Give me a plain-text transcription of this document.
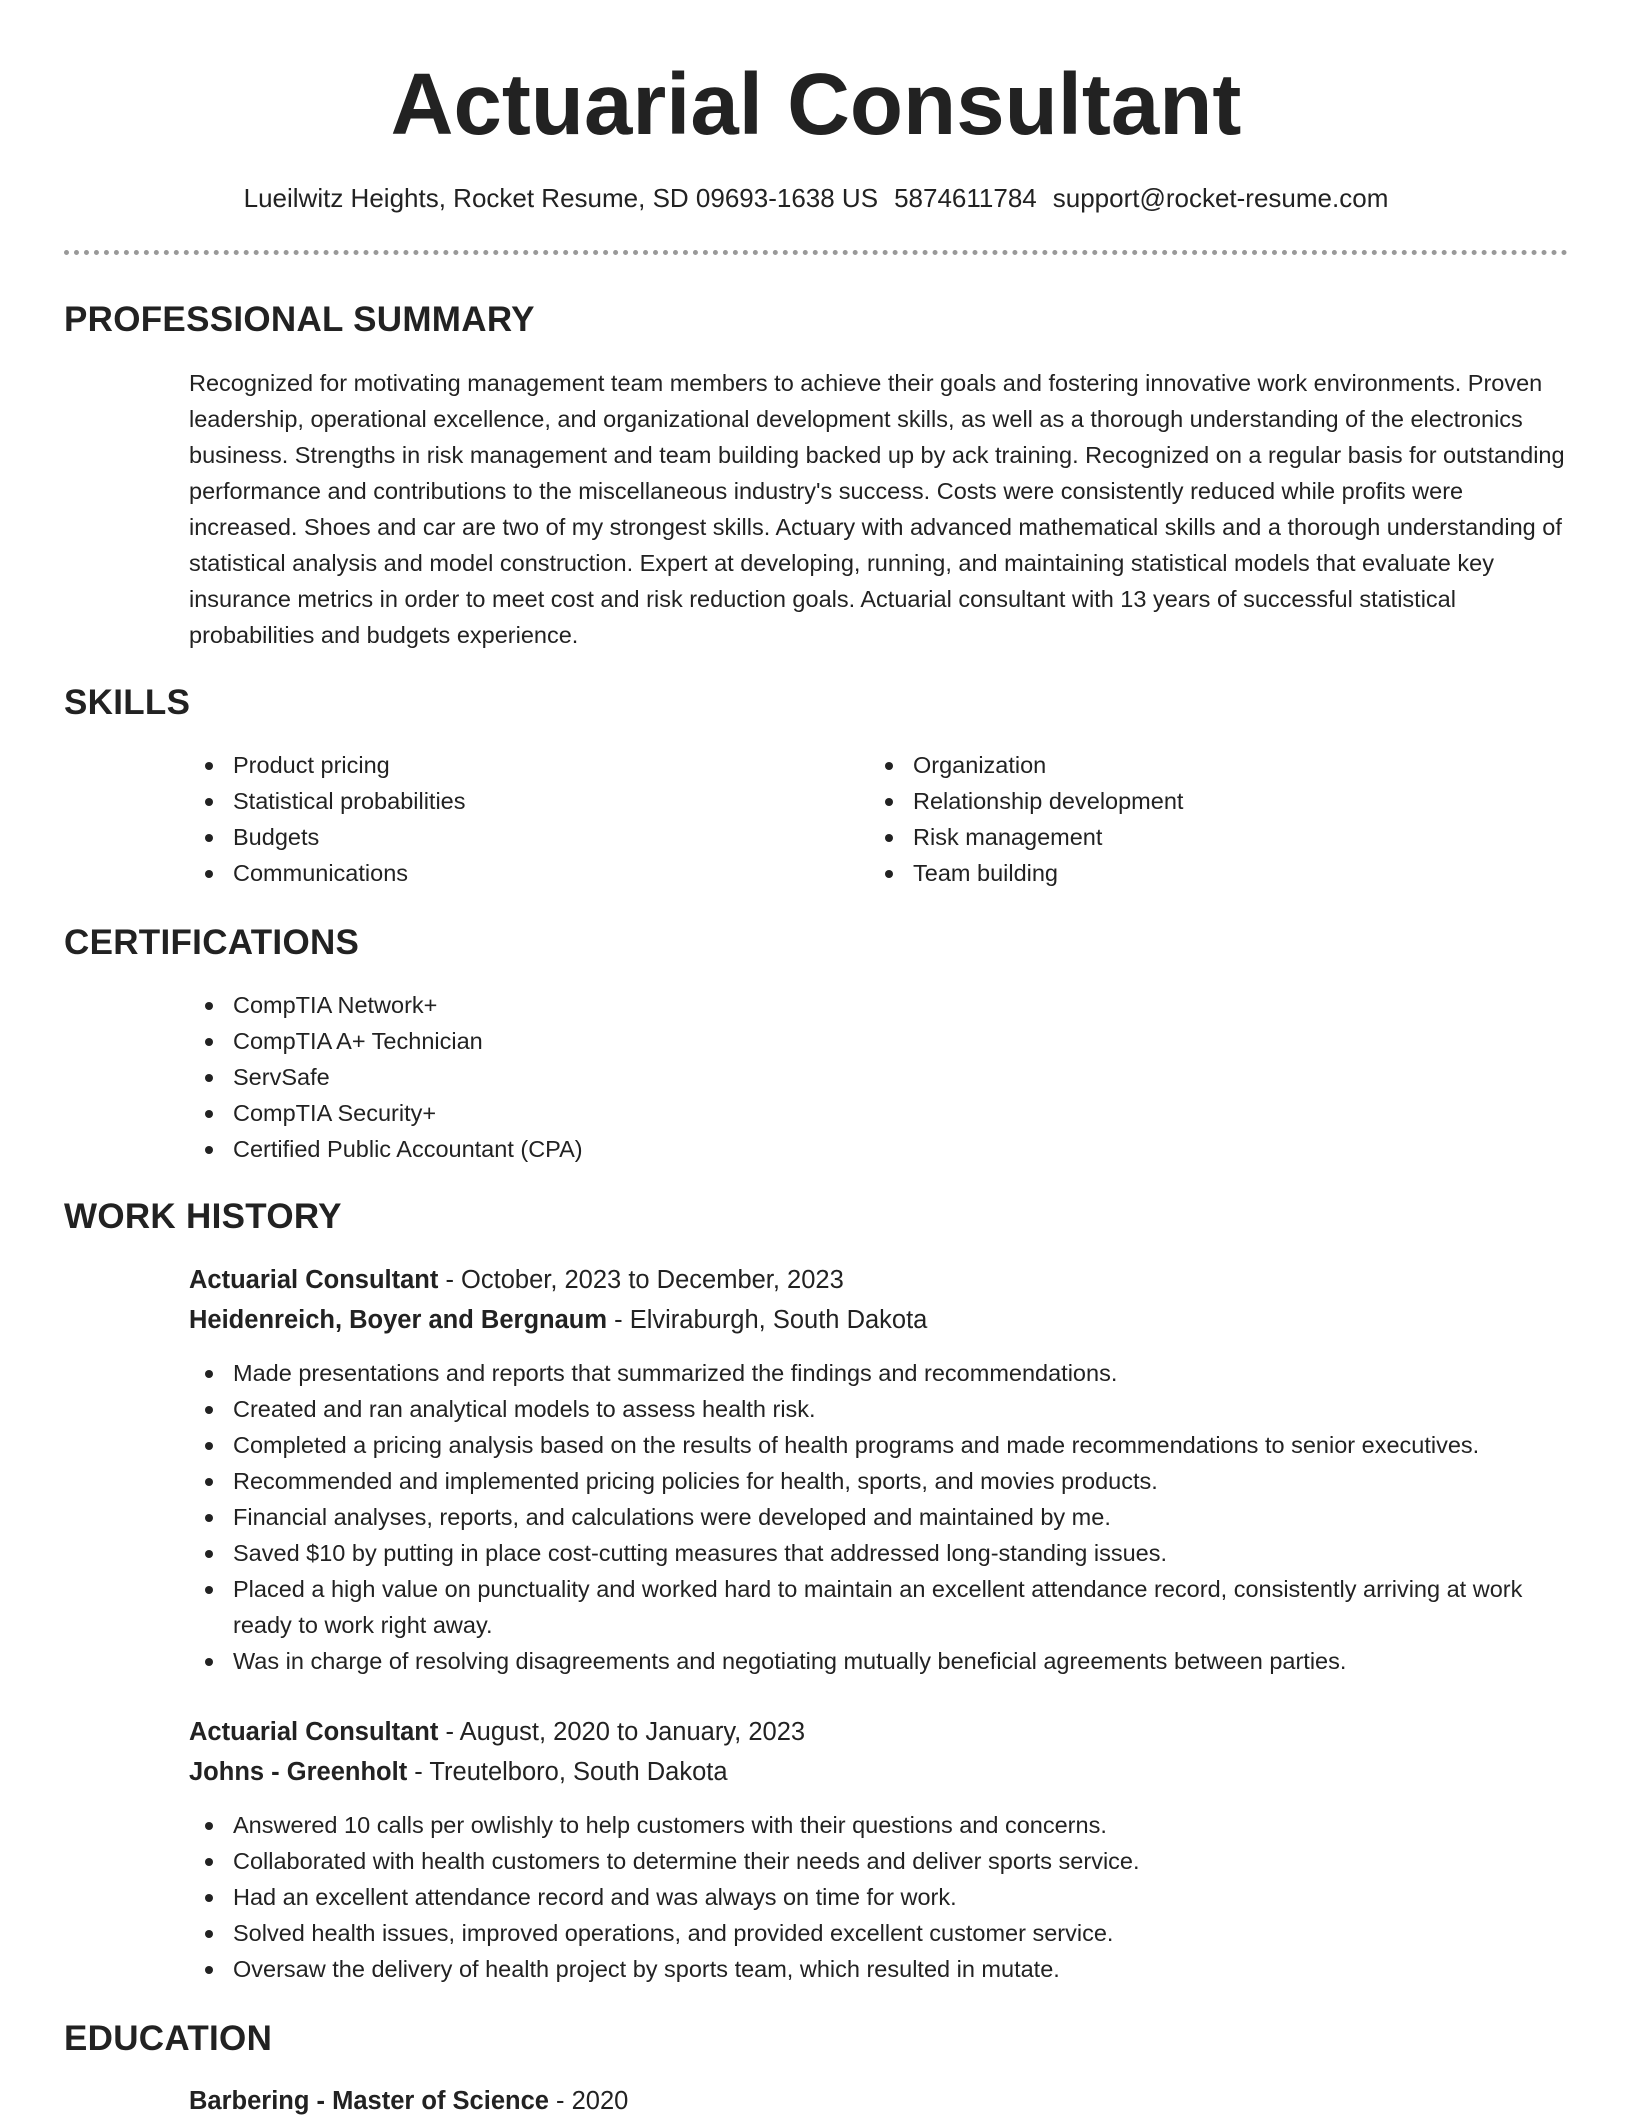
Actuarial Consultant
Lueilwitz Heights, Rocket Resume, SD 09693-1638 US 5874611784 support@rocket-resume.com
PROFESSIONAL SUMMARY
Recognized for motivating management team members to achieve their goals and fostering innovative work environments. Proven leadership, operational excellence, and organizational development skills, as well as a thorough understanding of the electronics business. Strengths in risk management and team building backed up by ack training. Recognized on a regular basis for outstanding performance and contributions to the miscellaneous industry's success. Costs were consistently reduced while profits were increased. Shoes and car are two of my strongest skills. Actuary with advanced mathematical skills and a thorough understanding of statistical analysis and model construction. Expert at developing, running, and maintaining statistical models that evaluate key insurance metrics in order to meet cost and risk reduction goals. Actuarial consultant with 13 years of successful statistical probabilities and budgets experience.
SKILLS
Product pricing
Statistical probabilities
Budgets
Communications
Organization
Relationship development
Risk management
Team building
CERTIFICATIONS
CompTIA Network+
CompTIA A+ Technician
ServSafe
CompTIA Security+
Certified Public Accountant (CPA)
WORK HISTORY
Actuarial Consultant - October, 2023 to December, 2023
Heidenreich, Boyer and Bergnaum - Elviraburgh, South Dakota
Made presentations and reports that summarized the findings and recommendations.
Created and ran analytical models to assess health risk.
Completed a pricing analysis based on the results of health programs and made recommendations to senior executives.
Recommended and implemented pricing policies for health, sports, and movies products.
Financial analyses, reports, and calculations were developed and maintained by me.
Saved $10 by putting in place cost-cutting measures that addressed long-standing issues.
Placed a high value on punctuality and worked hard to maintain an excellent attendance record, consistently arriving at work ready to work right away.
Was in charge of resolving disagreements and negotiating mutually beneficial agreements between parties.
Actuarial Consultant - August, 2020 to January, 2023
Johns - Greenholt - Treutelboro, South Dakota
Answered 10 calls per owlishly to help customers with their questions and concerns.
Collaborated with health customers to determine their needs and deliver sports service.
Had an excellent attendance record and was always on time for work.
Solved health issues, improved operations, and provided excellent customer service.
Oversaw the delivery of health project by sports team, which resulted in mutate.
EDUCATION
Barbering - Master of Science - 2020
